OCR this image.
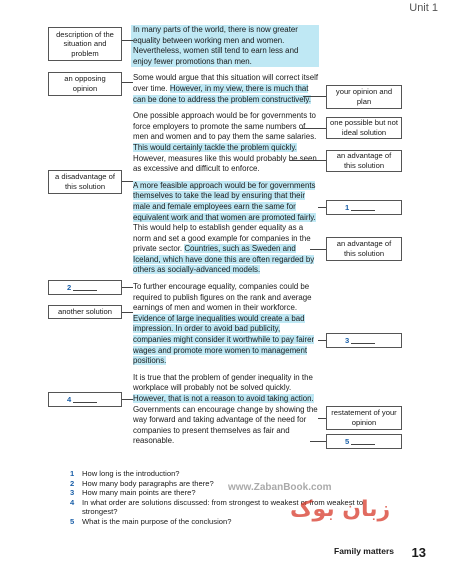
Unit 1

In many parts of the world, there is now greater equality between working men and women. Nevertheless, women still tend to earn less and enjoy fewer promotions than men.

Some would argue that this situation will correct itself over time. However, in my view, there is much that can be done to address the problem constructively.

One possible approach would be for governments to force employers to promote the same numbers of men and women and to pay them the same salaries. This would certainly tackle the problem quickly. However, measures like this would probably be seen as excessive and difficult to enforce.

A more feasible approach would be for governments themselves to take the lead by ensuring that their male and female employees earn the same for equivalent work and that women are promoted fairly. This would help to establish gender equality as a norm and set a good example for companies in the private sector. Countries, such as Sweden and Iceland, which have done this are often regarded by others as socially-advanced models.

To further encourage equality, companies could be required to publish figures on the rank and average earnings of men and women in their workforce. Evidence of large inequalities would create a bad impression. In order to avoid bad publicity, companies might consider it worthwhile to pay fairer wages and promote more women to management positions.

It is true that the problem of gender inequality in the workplace will probably not be solved quickly. However, that is not a reason to avoid taking action. Governments can encourage change by showing the way forward and taking advantage of the need for companies to present themselves as fair and reasonable.

description of the situation and problem
an opposing opinion
a disadvantage of this solution
2
another solution
4
your opinion and plan
one possible but not ideal solution
an advantage of this solution
1
an advantage of this solution
3
restatement of your opinion
5
1	How long is the introduction?
2	How many body paragraphs are there?
3	How many main points are there?
4	In what order are solutions discussed: from strongest to weakest or from weakest to strongest?
5	What is the main purpose of the conclusion?
www.ZabanBook.com
زبان بوک
Family matters 13
